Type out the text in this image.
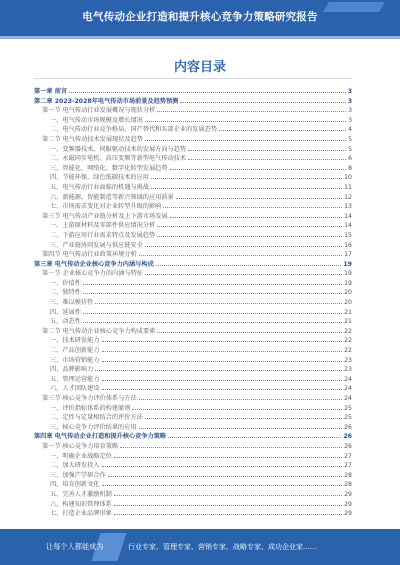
电气传动企业打造和提升核心竞争力策略研究报告
内容目录
第一章 前言	3
第二章 2023-2028年电气传动市场前景及趋势预测	3
第一节 电气传动行业发展概况与现状分析	3
一、电气传动市场规模及增长情况	3
二、电气传动行业竞争格局、国产替代和头部企业的发展态势	4
第二节 电气传动技术发展现状及趋势	5
一、变频器技术、伺服驱动技术的发展方向与趋势	5
二、永磁同步电机、高压变频等新型电气传动技术	6
三、智能化、网络化、数字化转型发展趋势	8
四、节能环保、绿色低碳技术的应用	10
五、电气传动行业面临的机遇与挑战	11
六、新能源、智能制造等新兴领域的应用前景	12
七、市场需求变化对企业转型升级的影响	13
第三节 电气传动产业链分析及上下游市场发展	14
一、上游原材料及零部件供应情况分析	14
二、下游应用行业需求特点及发展趋势	15
三、产业链协同发展与供应链安全	16
第四节 电气传动行业政策环境分析	17
第三章 电气传动企业核心竞争力内涵与构成	19
第一节 企业核心竞争力的内涵与特征	19
一、价值性	19
二、独特性	20
三、难以模仿性	20
四、延展性	21
五、动态性	21
第二节 电气传动企业核心竞争力构成要素	22
一、技术研发能力	22
二、产品创新能力	22
三、市场营销能力	23
四、品牌影响力	23
五、管理运营能力	24
六、人才团队建设	24
第三节 核心竞争力评价体系与方法	24
一、评价指标体系的构建原则	25
二、定性与定量相结合的评价方法	25
三、核心竞争力评价结果的应用	26
第四章 电气传动企业打造和提升核心竞争力策略	26
第一节 核心竞争力培育策略	26
一、明确企业战略定位	27
二、加大研发投入	27
三、加强产学研合作	28
四、培育创新文化	28
五、完善人才激励机制	29
六、构建知识管理体系	29
七、打造企业品牌形象	29
让每个人都能成为	行业专家、管理专家、营销专家、战略专家、成功企业家……
